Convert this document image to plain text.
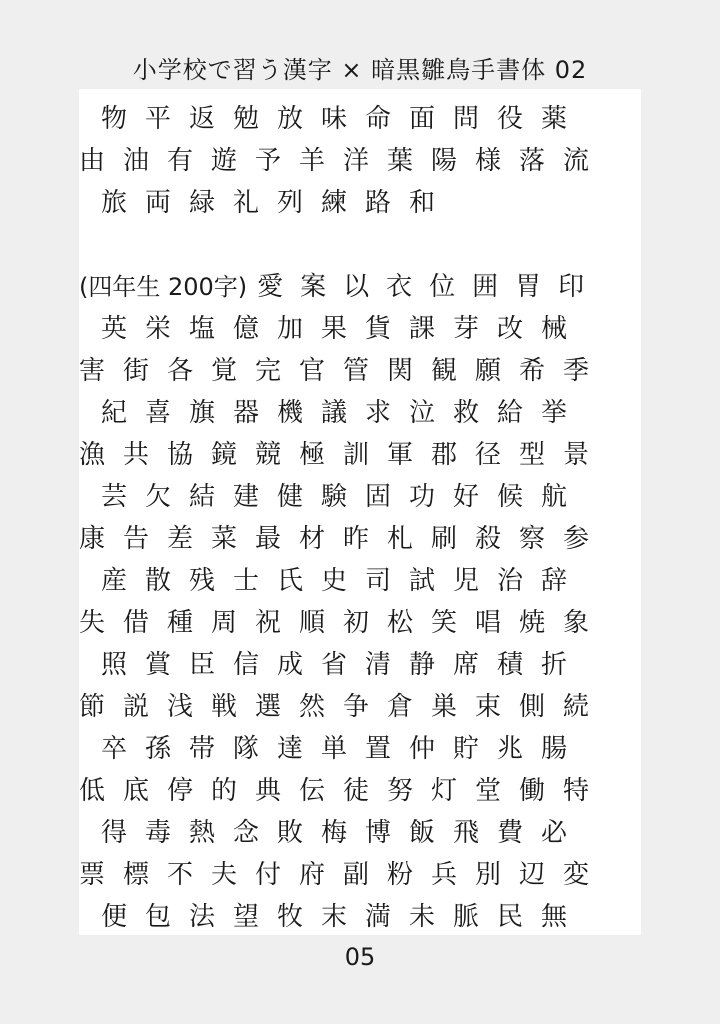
小学校で習う漢字 × 暗黒雛鳥手書体 02
物平返勉放味命面問役薬
由油有遊予羊洋葉陽様落流
旅両緑礼列練路和
(四年生 200字) 愛案以衣位囲胃印
英栄塩億加果貨課芽改械
害街各覚完官管関観願希季
紀喜旗器機議求泣救給挙
漁共協鏡競極訓軍郡径型景
芸欠結建健験固功好候航
康告差菜最材昨札刷殺察参
産散残士氏史司試児治辞
失借種周祝順初松笑唱焼象
照賞臣信成省清静席積折
節説浅戦選然争倉巣束側続
卒孫帯隊達単置仲貯兆腸
低底停的典伝徒努灯堂働特
得毒熱念敗梅博飯飛費必
票標不夫付府副粉兵別辺変
便包法望牧末満未脈民無
05
